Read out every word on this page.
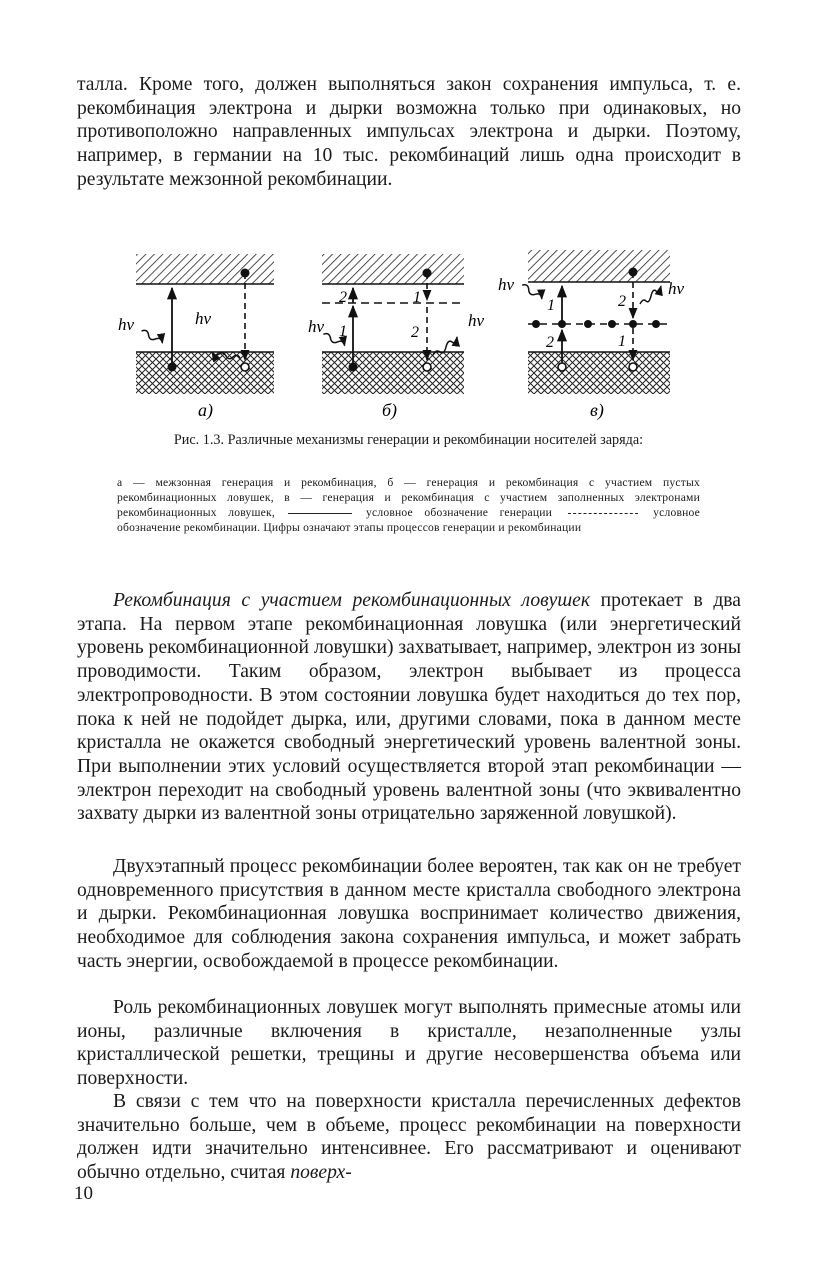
талла. Кроме того, должен выполняться закон сохранения импульса, т. е. рекомбинация электрона и дырки возможна только при одинаковых, но противоположно направленных импульсах электрона и дырки. Поэтому, например, в германии на 10 тыс. рекомбинаций лишь одна происходит в результате межзонной рекомбинации.

hν	hν
а)
hν	hν
2
1
1
2
б)
hν	hν
1
2
2
1
в)

Рис. 1.3. Различные механизмы генерации и рекомбинации носителей заряда:

а — межзонная генерация и рекомбинация, б — генерация и рекомбинация с участием пустых рекомбинационных ловушек, в — генерация и рекомбинация с участием заполненных электронами рекомбинационных ловушек,	условное обозначение генерации	условное обозначение рекомбинации. Цифры означают этапы процессов генерации и рекомбинации

Рекомбинация с участием рекомбинационных ловушек протекает в два этапа. На первом этапе рекомбинационная ловушка (или энергетический уровень рекомбинационной ловушки) захватывает, например, электрон из зоны проводимости. Таким образом, электрон выбывает из процесса электропроводности. В этом состоянии ловушка будет находиться до тех пор, пока к ней не подойдет дырка, или, другими словами, пока в данном месте кристалла не окажется свободный энергетический уровень валентной зоны. При выполнении этих условий осуществляется второй этап рекомбинации — электрон переходит на свободный уровень валентной зоны (что эквивалентно захвату дырки из валентной зоны отрицательно заряженной ловушкой).

Двухэтапный процесс рекомбинации более вероятен, так как он не требует одновременного присутствия в данном месте кристалла свободного электрона и дырки. Рекомбинационная ловушка воспринимает количество движения, необходимое для соблюдения закона сохранения импульса, и может забрать часть энергии, освобождаемой в процессе рекомбинации.

Роль рекомбинационных ловушек могут выполнять примесные атомы или ионы, различные включения в кристалле, незаполненные узлы кристаллической решетки, трещины и другие несовершенства объема или поверхности.

В связи с тем что на поверхности кристалла перечисленных дефектов значительно больше, чем в объеме, процесс рекомбинации на поверхности должен идти значительно интенсивнее. Его рассматривают и оценивают обычно отдельно, считая поверх-

10
